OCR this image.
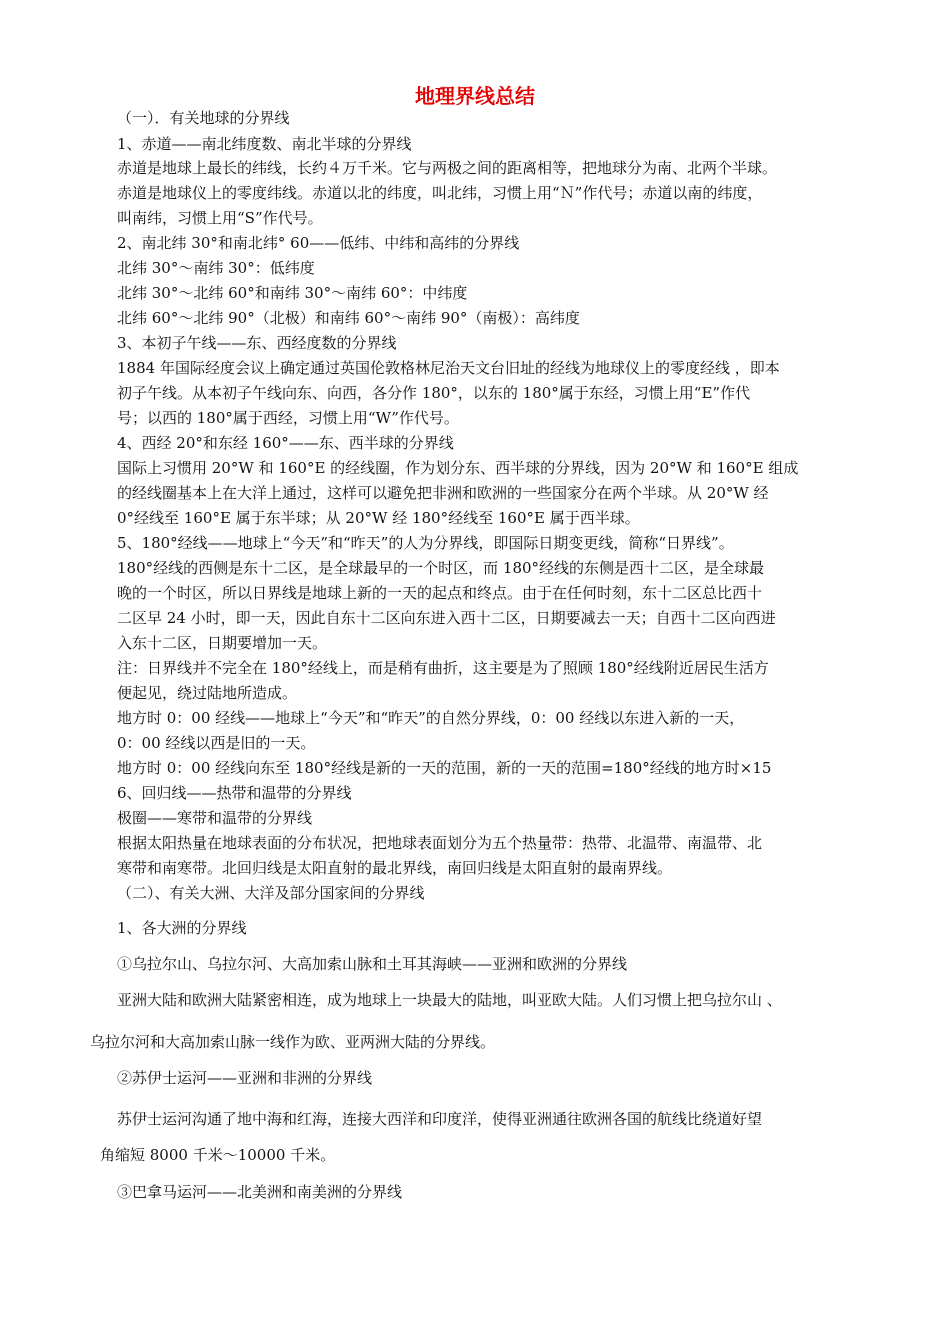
地理界线总结
（一）．有关地球的分界线
1、赤道——南北纬度数、南北半球的分界线
赤道是地球上最长的纬线，长约４万千米。它与两极之间的距离相等，把地球分为南、北两个半球。
赤道是地球仪上的零度纬线。赤道以北的纬度，叫北纬，习惯上用“Ｎ”作代号；赤道以南的纬度，
叫南纬，习惯上用“S”作代号。
2、南北纬 30°和南北纬° 60——低纬、中纬和高纬的分界线
北纬 30°～南纬 30°：低纬度
北纬 30°～北纬 60°和南纬 30°～南纬 60°：中纬度
北纬 60°～北纬 90°（北极）和南纬 60°～南纬 90°（南极）：高纬度
3、本初子午线——东、西经度数的分界线
1884 年国际经度会议上确定通过英国伦敦格林尼治天文台旧址的经线为地球仪上的零度经线 ，即本
初子午线。从本初子午线向东、向西，各分作 180°，以东的 180°属于东经，习惯上用“E”作代
号；以西的 180°属于西经，习惯上用“W”作代号。
4、西经 20°和东经 160°——东、西半球的分界线
国际上习惯用 20°W 和 160°E 的经线圈，作为划分东、西半球的分界线，因为 20°W 和 160°E 组成
的经线圈基本上在大洋上通过，这样可以避免把非洲和欧洲的一些国家分在两个半球。从 20°W 经
0°经线至 160°E 属于东半球；从 20°W 经 180°经线至 160°E 属于西半球。
5、180°经线——地球上“今天”和“昨天”的人为分界线，即国际日期变更线，简称“日界线”。
180°经线的西侧是东十二区，是全球最早的一个时区，而 180°经线的东侧是西十二区，是全球最
晚的一个时区，所以日界线是地球上新的一天的起点和终点。由于在任何时刻，东十二区总比西十
二区早 24 小时，即一天，因此自东十二区向东进入西十二区，日期要减去一天；自西十二区向西进
入东十二区，日期要增加一天。
注：日界线并不完全在 180°经线上，而是稍有曲折，这主要是为了照顾 180°经线附近居民生活方
便起见，绕过陆地所造成。
地方时 0：00 经线——地球上“今天”和“昨天”的自然分界线，0：00 经线以东进入新的一天，
0：00 经线以西是旧的一天。
地方时 0：00 经线向东至 180°经线是新的一天的范围，新的一天的范围=180°经线的地方时×15
6、回归线——热带和温带的分界线
极圈——寒带和温带的分界线
根据太阳热量在地球表面的分布状况，把地球表面划分为五个热量带：热带、北温带、南温带、北
寒带和南寒带。北回归线是太阳直射的最北界线，南回归线是太阳直射的最南界线。
（二）、有关大洲、大洋及部分国家间的分界线
1、各大洲的分界线
①乌拉尔山、乌拉尔河、大高加索山脉和土耳其海峡——亚洲和欧洲的分界线
亚洲大陆和欧洲大陆紧密相连，成为地球上一块最大的陆地，叫亚欧大陆。人们习惯上把乌拉尔山 、
乌拉尔河和大高加索山脉一线作为欧、亚两洲大陆的分界线。
②苏伊士运河——亚洲和非洲的分界线
苏伊士运河沟通了地中海和红海，连接大西洋和印度洋，使得亚洲通往欧洲各国的航线比绕道好望
角缩短 8000 千米～10000 千米。
③巴拿马运河——北美洲和南美洲的分界线
